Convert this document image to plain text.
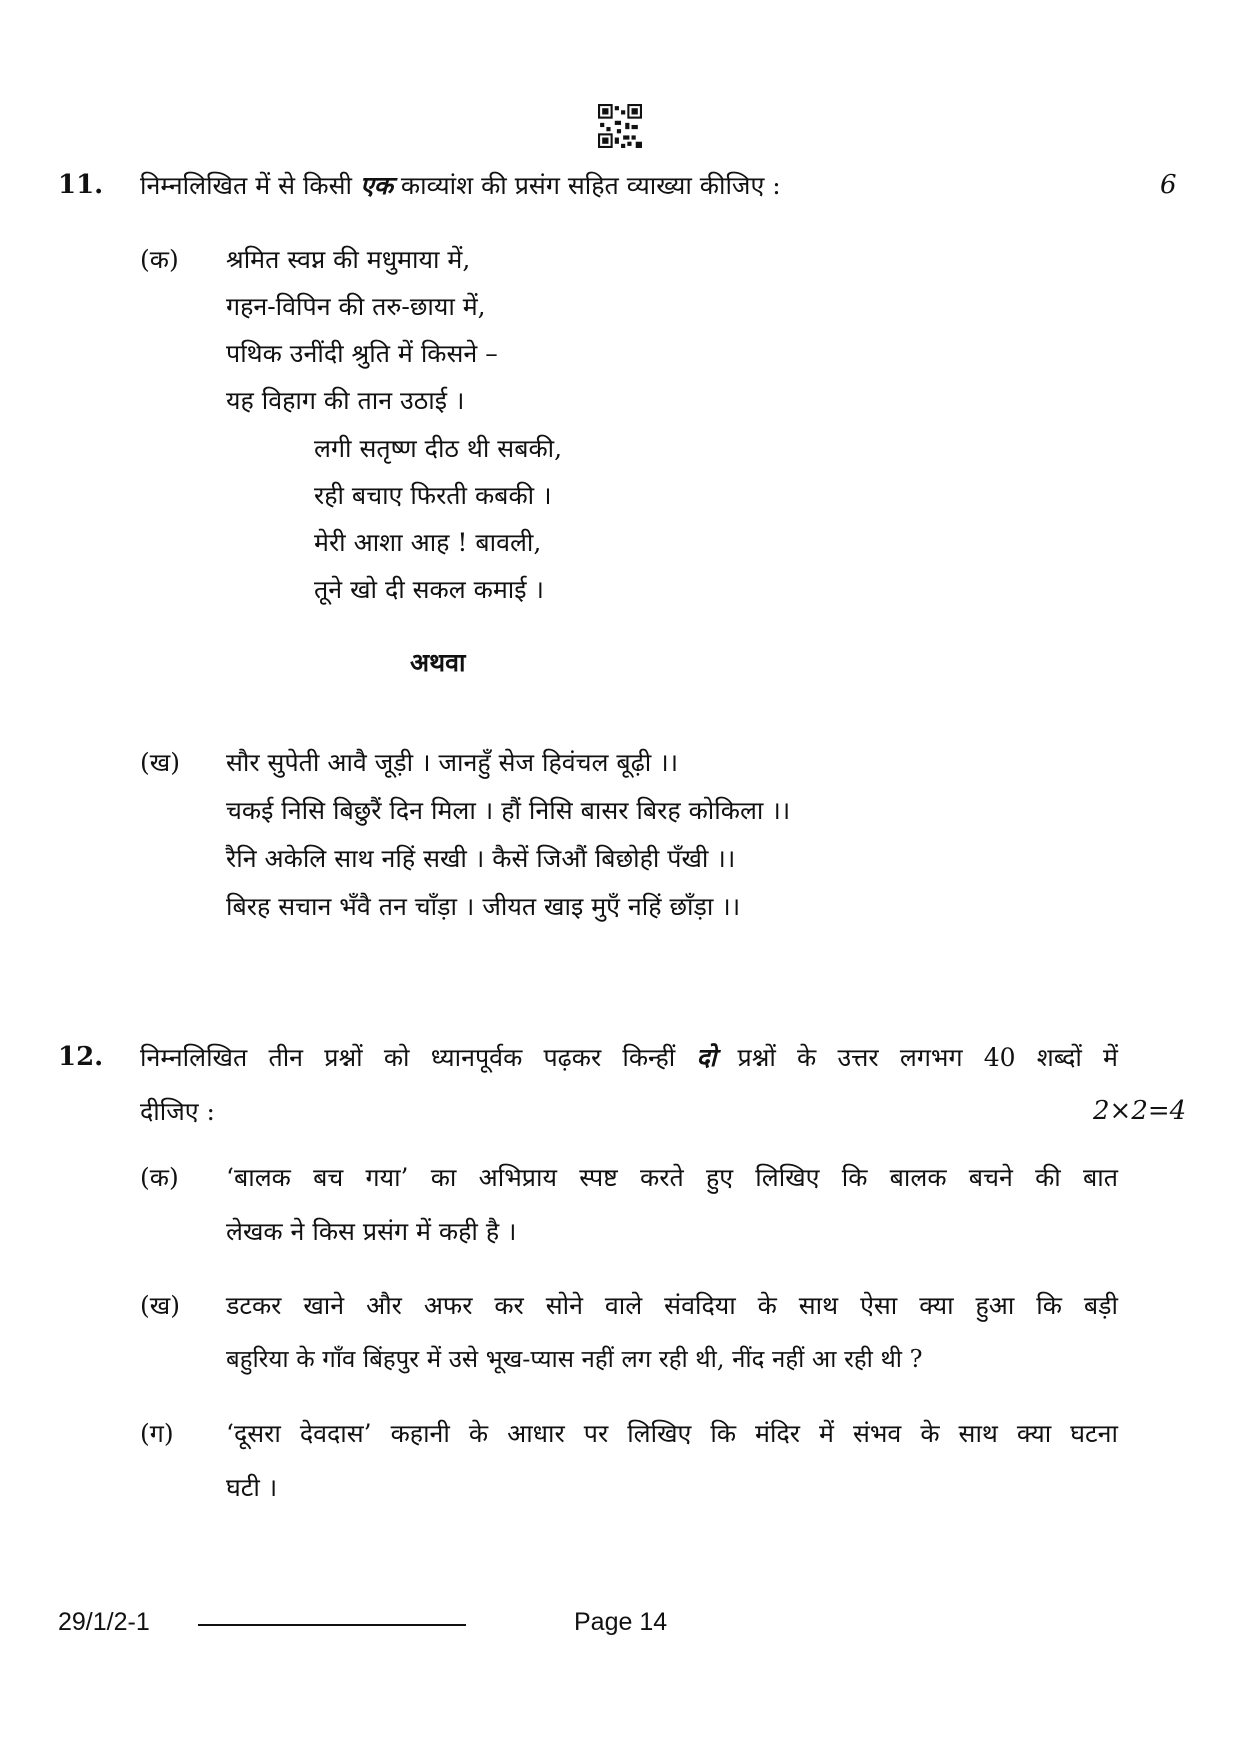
11. निम्नलिखित में से किसी एक काव्यांश की प्रसंग सहित व्याख्या कीजिए :	6
(क) श्रमित स्वप्न की मधुमाया में,
गहन-विपिन की तरु-छाया में,
पथिक उनींदी श्रुति में किसने –
यह विहाग की तान उठाई ।
लगी सतृष्ण दीठ थी सबकी,
रही बचाए फिरती कबकी ।
मेरी आशा आह ! बावली,
तूने खो दी सकल कमाई ।
अथवा
(ख) सौर सुपेती आवै जूड़ी । जानहुँ सेज हिवंचल बूढ़ी ।।
चकई निसि बिछुरैं दिन मिला । हौं निसि बासर बिरह कोकिला ।।
रैनि अकेलि साथ नहिं सखी । कैसें जिऔं बिछोही पँखी ।।
बिरह सचान भँवै तन चाँड़ा । जीयत खाइ मुएँ नहिं छाँड़ा ।।
12. निम्नलिखित तीन प्रश्नों को ध्यानपूर्वक पढ़कर किन्हीं दो प्रश्नों के उत्तर लगभग 40 शब्दों में
दीजिए :	2×2=4
(क) ‘बालक बच गया’ का अभिप्राय स्पष्ट करते हुए लिखिए कि बालक बचने की बात
लेखक ने किस प्रसंग में कही है ।
(ख) डटकर खाने और अफर कर सोने वाले संवदिया के साथ ऐसा क्या हुआ कि बड़ी
बहुरिया के गाँव बिंहपुर में उसे भूख-प्यास नहीं लग रही थी, नींद नहीं आ रही थी ?
(ग) ‘दूसरा देवदास’ कहानी के आधार पर लिखिए कि मंदिर में संभव के साथ क्या घटना
घटी ।
29/1/2-1	Page 14
